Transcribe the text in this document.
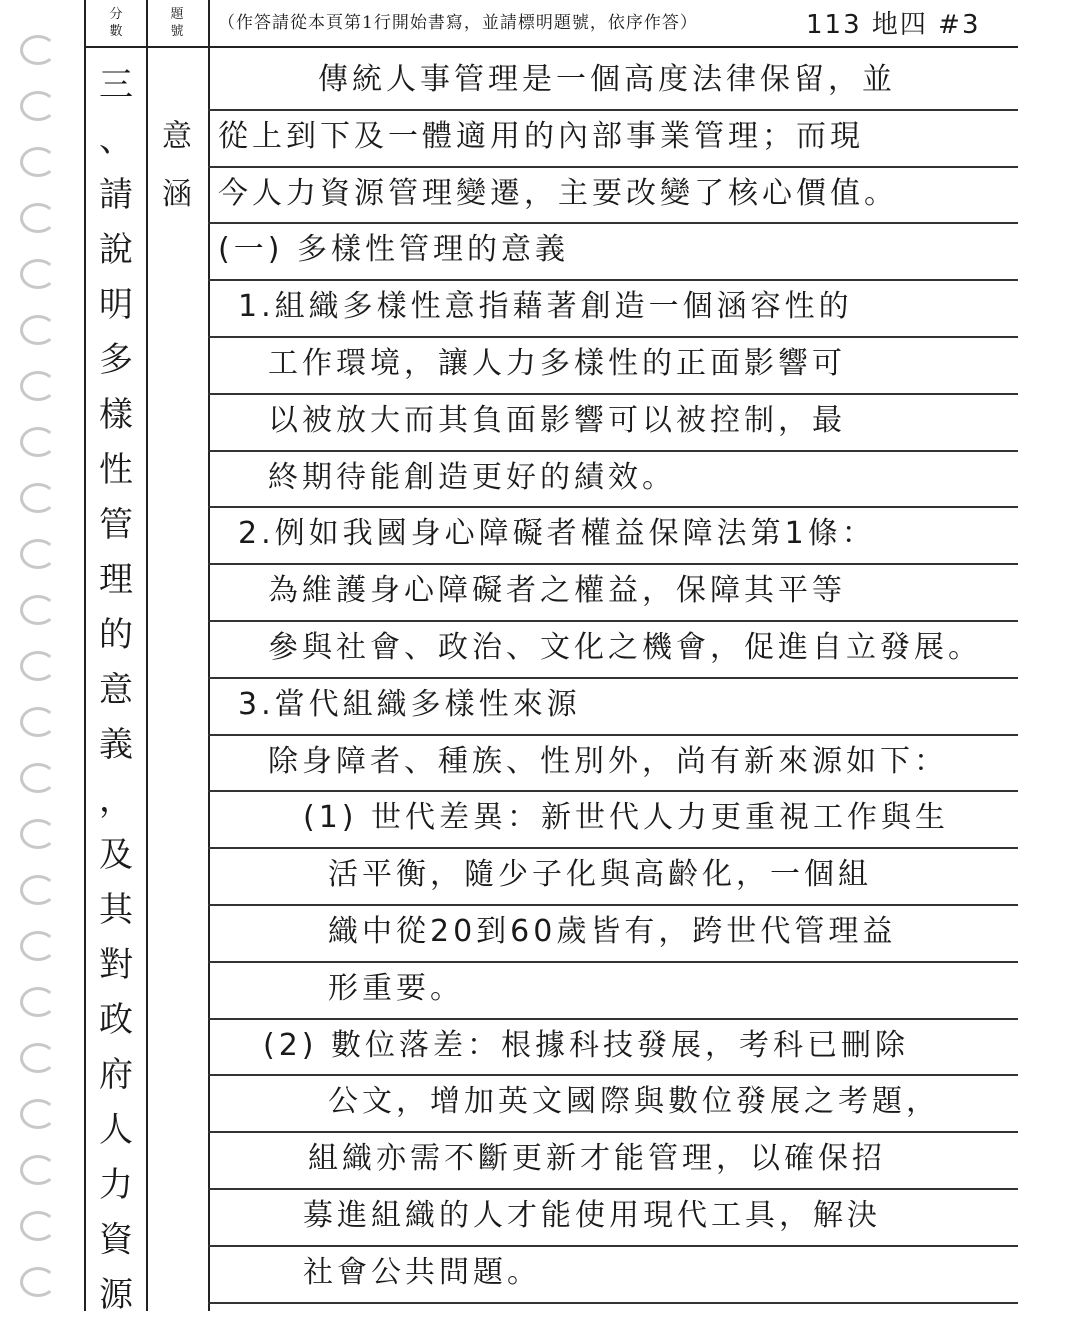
分數
題號 （作答請從本頁第1行開始書寫，並請標明題號，依序作答）	113 地四 #3
三
、
請
說
明
多
樣
性
管
理
的
意
義
，
及
其
對
政
府
人
力
資
源
意
涵
傳統人事管理是一個高度法律保留，並
從上到下及一體適用的內部事業管理；而現
今人力資源管理變遷，主要改變了核心價值。
(一) 多樣性管理的意義
1.組織多樣性意指藉著創造一個涵容性的
工作環境，讓人力多樣性的正面影響可
以被放大而其負面影響可以被控制，最
終期待能創造更好的績效。
2.例如我國身心障礙者權益保障法第1條：
為維護身心障礙者之權益，保障其平等
參與社會、政治、文化之機會，促進自立發展。
3.當代組織多樣性來源
除身障者、種族、性別外，尚有新來源如下：
(1) 世代差異：新世代人力更重視工作與生
活平衡，隨少子化與高齡化，一個組
織中從20到60歲皆有，跨世代管理益
形重要。
(2) 數位落差：根據科技發展，考科已刪除
公文，增加英文國際與數位發展之考題，
組織亦需不斷更新才能管理，以確保招
募進組織的人才能使用現代工具，解決
社會公共問題。
